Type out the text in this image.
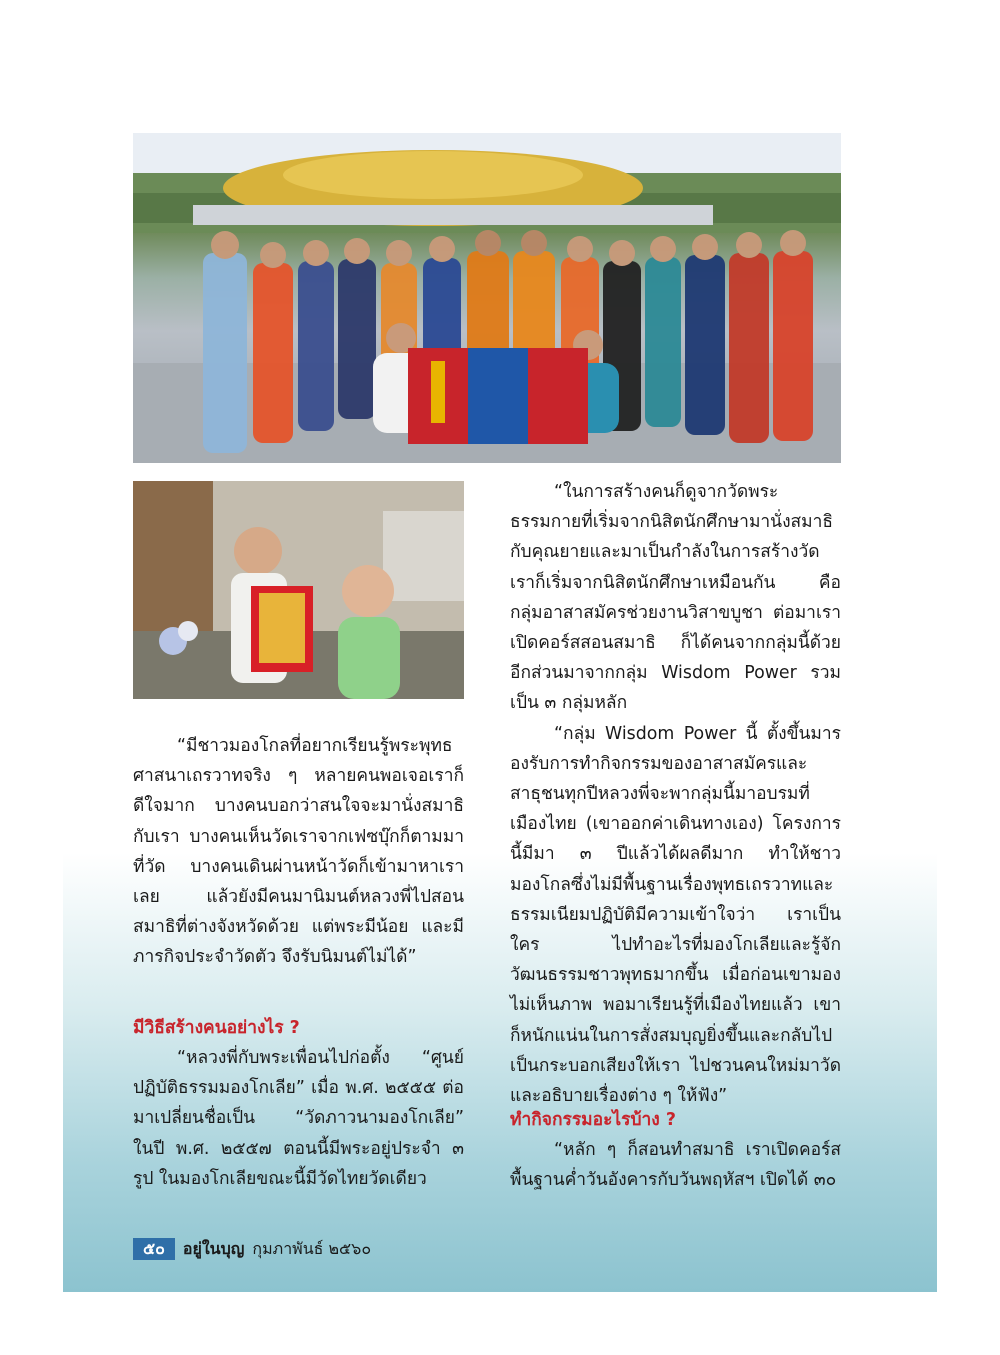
“ในการสร้างคนก็ดูจากวัดพระธรรมกายที่เริ่มจากนิสิตนักศึกษามานั่งสมาธิกับคุณยายและมาเป็นกำลังในการสร้างวัด เราก็เริ่มจากนิสิตนักศึกษาเหมือนกัน คือ กลุ่มอาสาสมัครช่วยงานวิสาขบูชา ต่อมาเราเปิดคอร์สสอนสมาธิ ก็ได้คนจากกลุ่มนี้ด้วย อีกส่วนมาจากกลุ่ม Wisdom Power รวมเป็น ๓ กลุ่มหลัก

“กลุ่ม Wisdom Power นี้ ตั้งขึ้นมารองรับการทำกิจกรรมของอาสาสมัครและสาธุชนทุกปีหลวงพี่จะพากลุ่มนี้มาอบรมที่เมืองไทย (เขาออกค่าเดินทางเอง) โครงการนี้มีมา ๓ ปีแล้วได้ผลดีมาก ทำให้ชาวมองโกลซึ่งไม่มีพื้นฐานเรื่องพุทธเถรวาทและธรรมเนียมปฏิบัติมีความเข้าใจว่า เราเป็นใคร ไปทำอะไรที่มองโกเลียและรู้จักวัฒนธรรมชาวพุทธมากขึ้น เมื่อก่อนเขามองไม่เห็นภาพ พอมาเรียนรู้ที่เมืองไทยแล้ว เขาก็หนักแน่นในการสั่งสมบุญยิ่งขึ้นและกลับไปเป็นกระบอกเสียงให้เรา ไปชวนคนใหม่มาวัด และอธิบายเรื่องต่าง ๆ ให้ฟัง”

“มีชาวมองโกลที่อยากเรียนรู้พระพุทธศาสนาเถรวาทจริง ๆ หลายคนพอเจอเราก็ดีใจมาก บางคนบอกว่าสนใจจะมานั่งสมาธิกับเรา บางคนเห็นวัดเราจากเฟซบุ๊กก็ตามมาที่วัด บางคนเดินผ่านหน้าวัดก็เข้ามาหาเราเลย แล้วยังมีคนมานิมนต์หลวงพี่ไปสอนสมาธิที่ต่างจังหวัดด้วย แต่พระมีน้อย และมีภารกิจประจำวัดตัว จึงรับนิมนต์ไม่ได้”

มีวิธีสร้างคนอย่างไร ?

“หลวงพี่กับพระเพื่อนไปก่อตั้ง “ศูนย์ปฏิบัติธรรมมองโกเลีย” เมื่อ พ.ศ. ๒๕๕๕ ต่อมาเปลี่ยนชื่อเป็น “วัดภาวนามองโกเลีย” ในปี พ.ศ. ๒๕๕๗ ตอนนี้มีพระอยู่ประจำ ๓ รูป ในมองโกเลียขณะนี้มีวัดไทยวัดเดียว

ทำกิจกรรมอะไรบ้าง ?

“หลัก ๆ ก็สอนทำสมาธิ เราเปิดคอร์สพื้นฐานค่ำวันอังคารกับวันพฤหัสฯ เปิดได้ ๓๐

๕๐	อยู่ในบุญ กุมภาพันธ์ ๒๕๖๐
